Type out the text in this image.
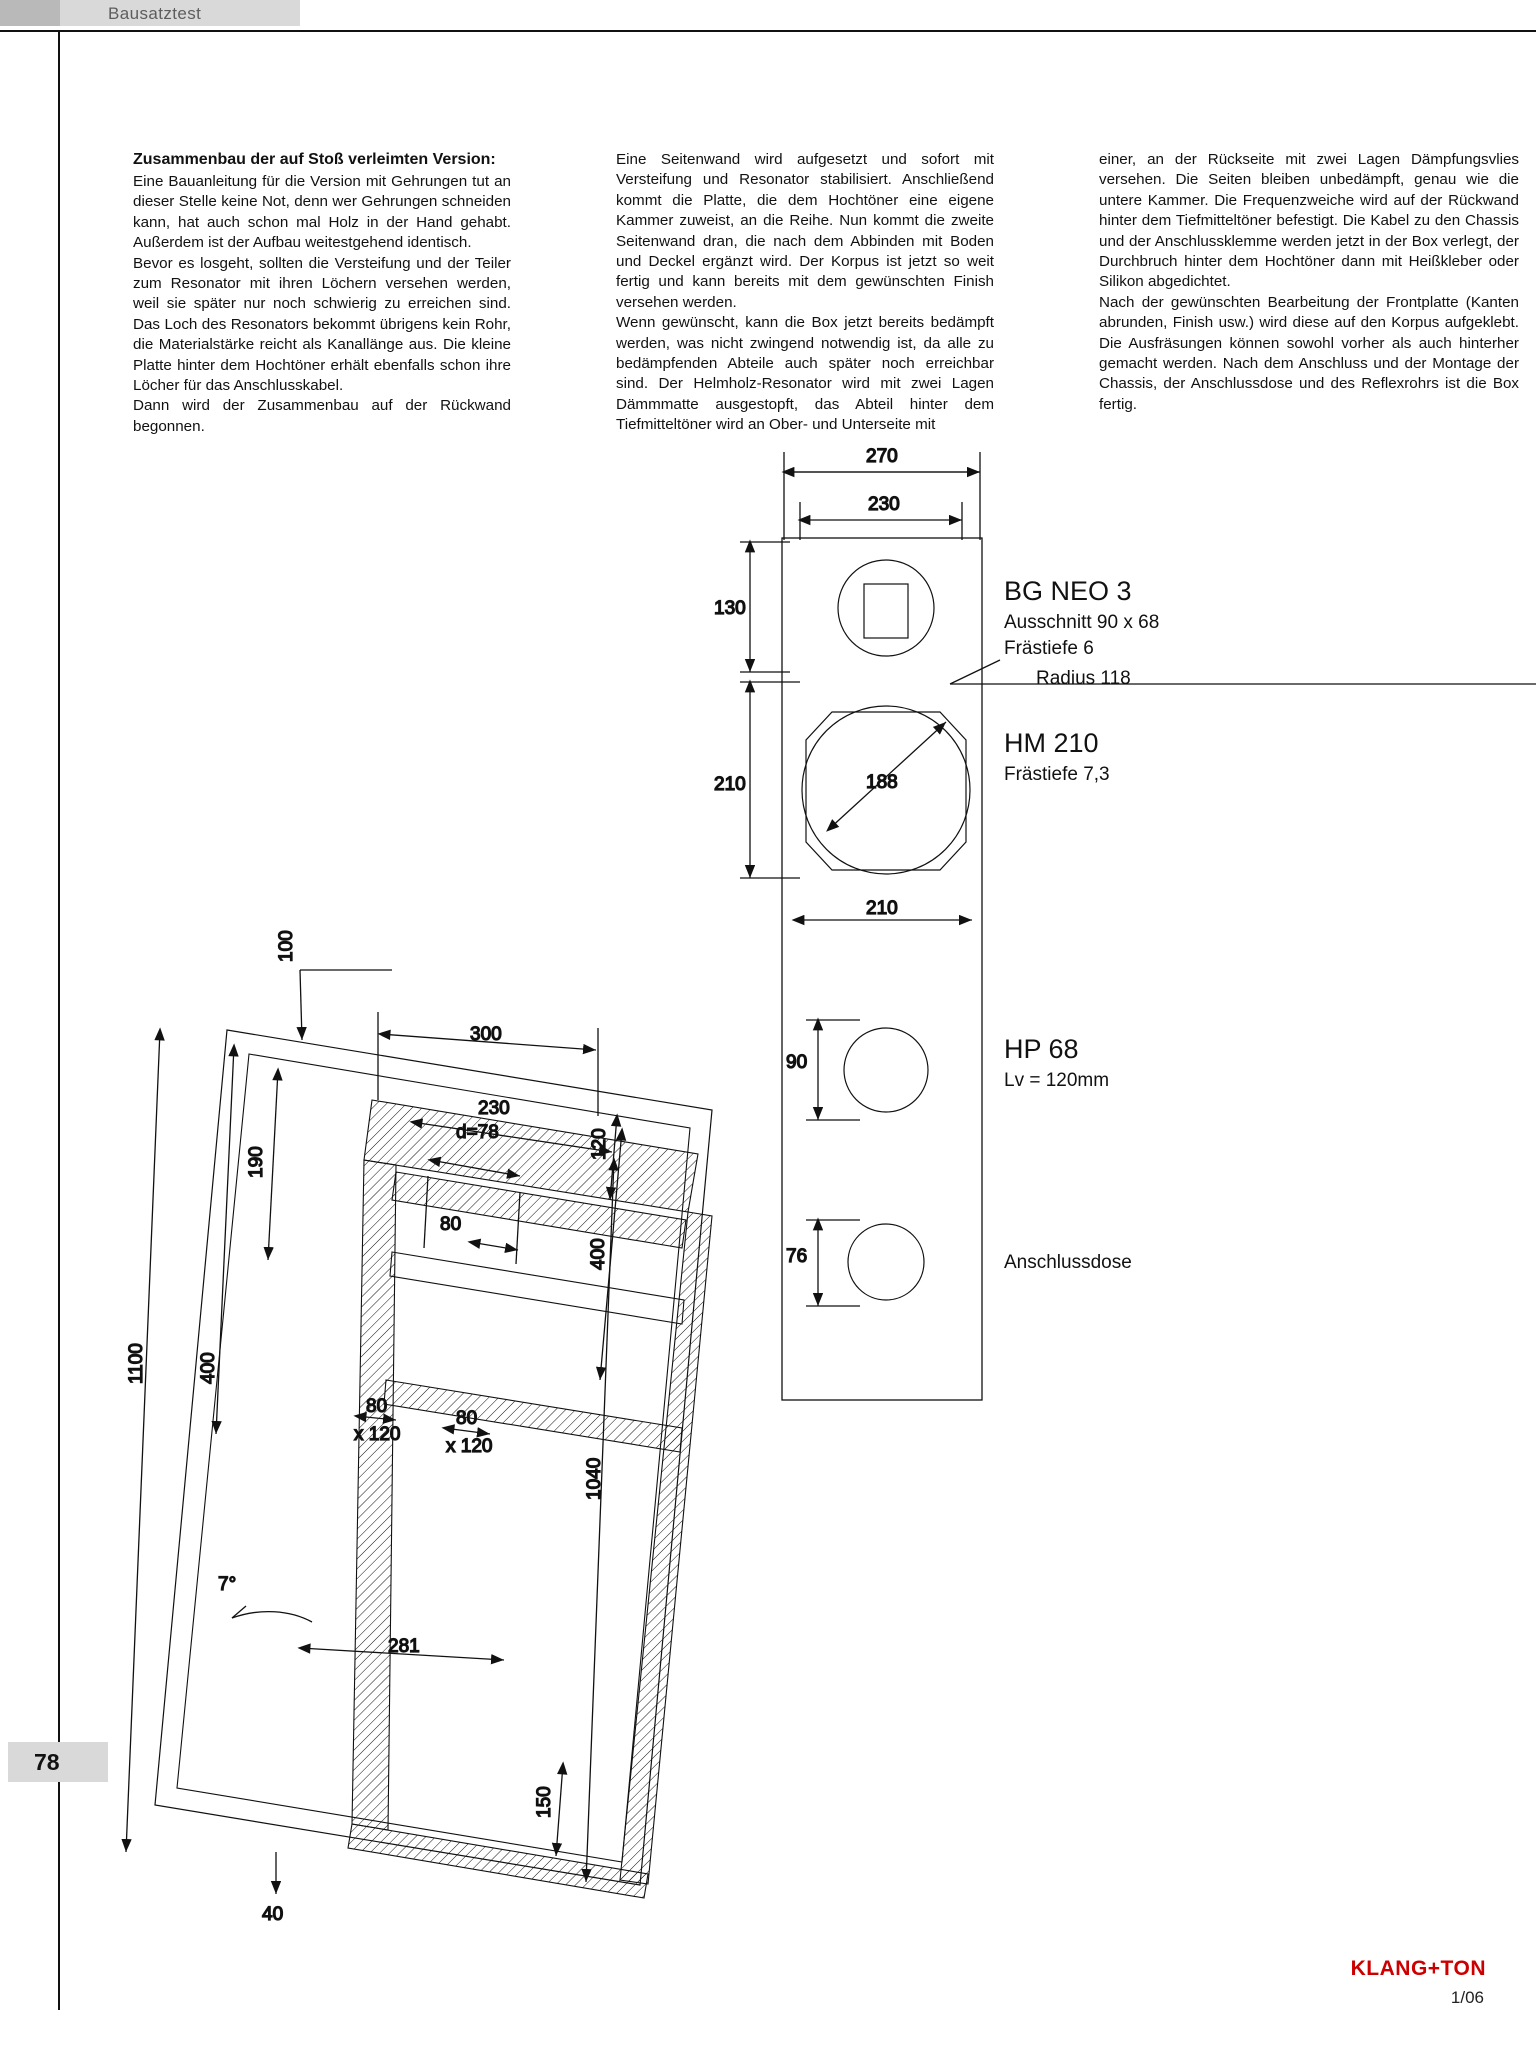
Bausatztest
78
KLANG+TON
1/06
Zusammenbau der auf Stoß verleimten Version:

Eine Bauanleitung für die Version mit Gehrungen tut an dieser Stelle keine Not, denn wer Gehrungen schneiden kann, hat auch schon mal Holz in der Hand gehabt. Außerdem ist der Aufbau weitestgehend identisch.

Bevor es losgeht, sollten die Versteifung und der Teiler zum Resonator mit ihren Löchern versehen werden, weil sie später nur noch schwierig zu erreichen sind. Das Loch des Resonators bekommt übrigens kein Rohr, die Materialstärke reicht als Kanallänge aus. Die kleine Platte hinter dem Hochtöner erhält ebenfalls schon ihre Löcher für das Anschlusskabel.

Dann wird der Zusammenbau auf der Rückwand begonnen.

Eine Seitenwand wird aufgesetzt und sofort mit Versteifung und Resonator stabilisiert. Anschließend kommt die Platte, die dem Hochtöner eine eigene Kammer zuweist, an die Reihe. Nun kommt die zweite Seitenwand dran, die nach dem Abbinden mit Boden und Deckel ergänzt wird. Der Korpus ist jetzt so weit fertig und kann bereits mit dem gewünschten Finish versehen werden.

Wenn gewünscht, kann die Box jetzt bereits bedämpft werden, was nicht zwingend notwendig ist, da alle zu bedämpfenden Abteile auch später noch erreichbar sind. Der Helmholz-Resonator wird mit zwei Lagen Dämmmatte ausgestopft, das Abteil hinter dem Tiefmitteltöner wird an Ober- und Unterseite mit

einer, an der Rückseite mit zwei Lagen Dämpfungsvlies versehen. Die Seiten bleiben unbedämpft, genau wie die untere Kammer. Die Frequenzweiche wird auf der Rückwand hinter dem Tiefmitteltöner befestigt. Die Kabel zu den Chassis und der Anschlussklemme werden jetzt in der Box verlegt, der Durchbruch hinter dem Hochtöner dann mit Heißkleber oder Silikon abgedichtet.

Nach der gewünschten Bearbeitung der Frontplatte (Kanten abrunden, Finish usw.) wird diese auf den Korpus aufgeklebt. Die Ausfräsungen können sowohl vorher als auch hinterher gemacht werden. Nach dem Anschluss und der Montage der Chassis, der Anschlussdose und des Reflexrohrs ist die Box fertig.

100
300
230
d=78	120
190
80
400
1100	400
80
x 120
80
x 120
1040
7°
281
150
40
270
230
130
210	188
210
90
76
BG NEO 3
Ausschnitt 90 x 68
Frästiefe 6
Radius 118
HM 210
Frästiefe 7,3
HP 68
Lv = 120mm
Anschlussdose
